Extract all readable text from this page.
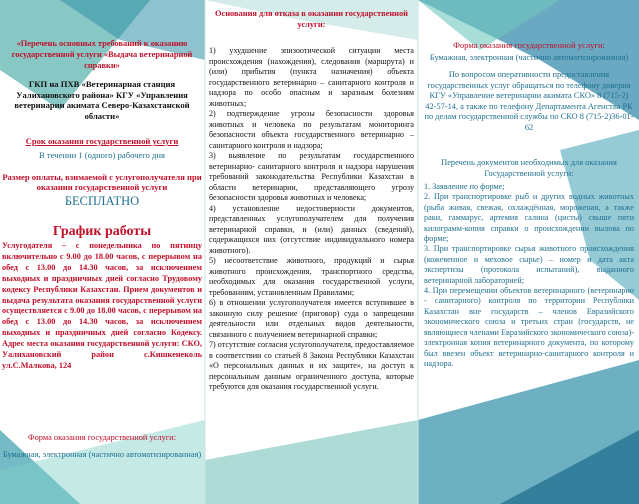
«Перечень основных требований к оказанию государственной услуги «Выдача ветеринарной справки»

ГКП на ПХВ «Ветеринарная станция Уалихановского района» КГУ «Управления ветеринарии акимата Северо-Казахстанской области»

Срок оказания государственной услуги

В течении 1 (одного) рабочего дня

Размер оплаты, взимаемой с услугополучателя при оказании государственной услуги

БЕСПЛАТНО

График работы

Услугодателя – с понедельника по пятницу включительно с 9.00 до 18.00 часов, с перерывом на обед с 13.00 до 14.30 часов, за исключением выходных и праздничных дней согласно Трудовому кодексу Республики Казахстан. Прием документов и выдача результата оказания государственной услуги осуществляется с 9.00 до 18.00 часов, с перерывом на обед с 13.00 до 14.30 часов, за исключением выходных и праздничных дней согласно Кодексу. Адрес места оказания государственной услуги: СКО, Уалихановский район с.Кишкенеколь ул.С.Малкова, 124

Форма оказания государственной услуги:

Бумажная, электронная (частично автоматизированная)

Основания для отказа в оказании государственной услуги:

1) ухудшение эпизоотической ситуации места происхождения (нахождения), следования (маршрута) и (или) прибытия (пункта назначения) объекта государственного ветеринарно – санитарного контроля и надзора по особо опасным и заразным болезням животных;

2) подтверждение угрозы безопасности здоровья животных и человека по результатам мониторинга безопасности объекта государственного ветеринарно –санитарного контроля и надзора;

3) выявление по результатам государственного ветеринарно- санитарного контроля и надзора нарушения требований законодательства Республики Казахстан в области ветеринарии, представляющего угрозу безопасности здоровья животных и человека;

4) установление недостоверности документов, представленных услугополучателем для получения ветеринарной справки, и (или) данных (сведений), содержащихся них (отсутствие индивидуального номера животного).

5) несоответствие животного, продукций и сырья животного происхождения, транспортного средства, необходимых для оказания государственной услуги, требованиям, установленным Правилами;

6) в отношении услугополучателя имеется вступившее в законную силу решение (приговор) суда о запрещении деятельности или отдельных видов деятельности, связанного с получением ветеринарной справки;

7) отсутствие согласия услугополучателя, предоставляемое в соответствии со статьей 8 Закона Республики Казахстан «О персональных данных и их защите», на доступ к персональным данным ограниченного доступа, которые требуются для оказания государственной услуги.

Форма оказания государственной услуги:

Бумажная, электронная (частично автоматизированная)

По вопросом оперативности предоставления государственных услуг обращаться по телефону доверия КГУ «Управление ветеринарии акимата СКО» 8 (715-2) 42-57-14, а также по телефону Департамента Агенства РК по делам государственной службы по СКО 8 (715-2)36-01-62

Перечень документов необходимых для оказания Государственной услуги:

1. Заявление по форме;

2. При транспортировке рыб и других водных животных (рыба живая, свежая, охлаждённая, мороженая, а также раки, гаммарус, артемия салина (цисты) свыше пяти килограмм-копия справки о происхождении вылова по форме;

3. При транспортировке сырья животного происхождения (кожевенное и меховое сырье) – номер и дата акта экспертизы (протокола испытаний), выданного ветеринарной лабораторией;

4. При перемещении объектов ветеринарного (ветеринарно - санитарного) контроля по территории Республики Казахстан вне государств – членов Евразийского экономического союза и третьих стран (государств, не являющиеся членами Евразийского экономического союза)- электронная копия ветеринарного документа, по которому был ввезен объект ветеринарно-санитарного контроля и надзора.
